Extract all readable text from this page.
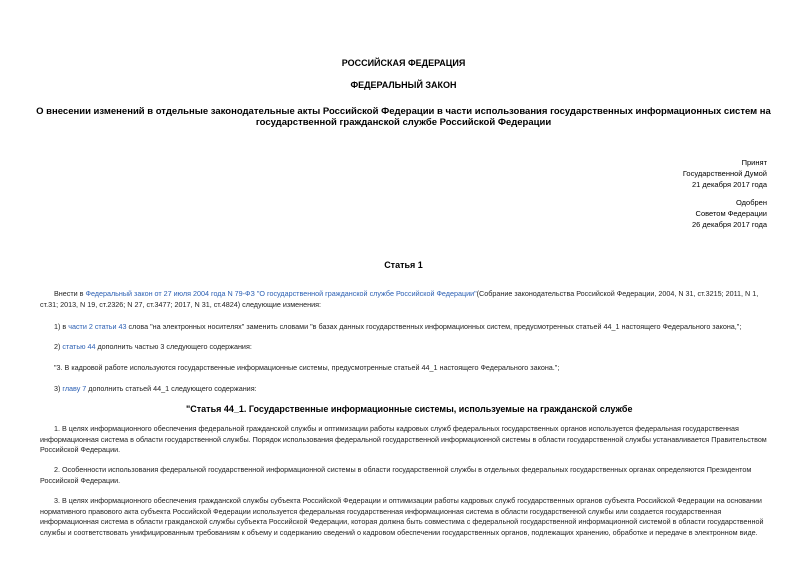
РОССИЙСКАЯ ФЕДЕРАЦИЯ
ФЕДЕРАЛЬНЫЙ ЗАКОН
О внесении изменений в отдельные законодательные акты Российской Федерации в части использования государственных информационных систем на
государственной гражданской службе Российской Федерации
Принят
Государственной Думой
21 декабря 2017 года
Одобрен
Советом Федерации
26 декабря 2017 года
Статья 1
Внести в Федеральный закон от 27 июля 2004 года N 79-ФЗ "О государственной гражданской службе Российской Федерации"(Собрание законодательства Российской Федерации, 2004, N 31, ст.3215; 2011, N 1,
ст.31; 2013, N 19, ст.2326; N 27, ст.3477; 2017, N 31, ст.4824) следующие изменения:
1) в части 2 статьи 43 слова "на электронных носителях" заменить словами "в базах данных государственных информационных систем, предусмотренных статьей 44_1 настоящего Федерального закона,";
2) статью 44 дополнить частью 3 следующего содержания:
"3. В кадровой работе используются государственные информационные системы, предусмотренные статьей 44_1 настоящего Федерального закона.";
3) главу 7 дополнить статьей 44_1 следующего содержания:
"Статья 44_1. Государственные информационные системы, используемые на гражданской службе
1. В целях информационного обеспечения федеральной гражданской службы и оптимизации работы кадровых служб федеральных государственных органов используется федеральная государственная
информационная система в области государственной службы. Порядок использования федеральной государственной информационной системы в области государственной службы устанавливается Правительством
Российской Федерации.
2. Особенности использования федеральной государственной информационной системы в области государственной службы в отдельных федеральных государственных органах определяются Президентом
Российской Федерации.
3. В целях информационного обеспечения гражданской службы субъекта Российской Федерации и оптимизации работы кадровых служб государственных органов субъекта Российской Федерации на основании
нормативного правового акта субъекта Российской Федерации используется федеральная государственная информационная система в области государственной службы или создается государственная
информационная система в области гражданской службы субъекта Российской Федерации, которая должна быть совместима с федеральной государственной информационной системой в области государственной
службы и соответствовать унифицированным требованиям к объему и содержанию сведений о кадровом обеспечении государственных органов, подлежащих хранению, обработке и передаче в электронном виде.
